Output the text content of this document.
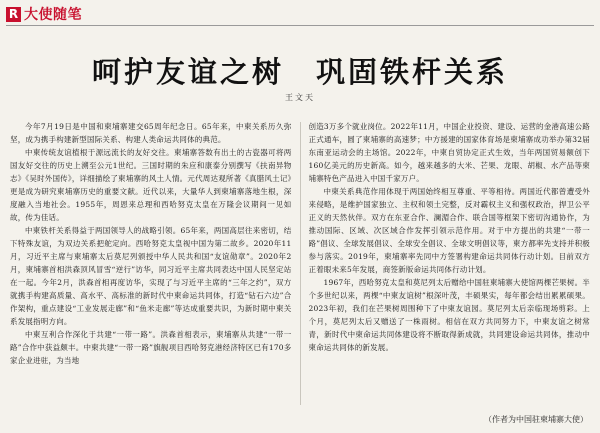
R 大使随笔
呵护友谊之树　巩固铁杆关系
王文天

今年7月19日是中国和柬埔寨建交65周年纪念日。65年来，中柬关系历久弥坚，成为携手构建新型国际关系、构建人类命运共同体的典范。

中柬传统友谊植根于源远流长的友好交往。柬埔寨答数有出土的古瓷器可将两国友好交往的历史上溯至公元1世纪。三国时期的朱应和康泰分别撰写《扶南异物志》《吴时外国传》，详细描绘了柬埔寨的风土人情。元代周达观所著《真腊风土记》更是成为研究柬埔寨历史的重要文献。近代以来，大量华人到柬埔寨落地生根，深度融入当地社会。1955年，周恩来总理和西哈努克太皇在万隆会议期间一见如故，传为佳话。

中柬铁杆关系得益于两国领导人的战略引领。65年来，两国高层往来密切，结下特殊友谊，为双边关系把舵定向。西哈努克太皇视中国为第二故乡。2020年11月，习近平主席与柬埔寨太后莫尼列颁授中华人民共和国“友谊勋章”。2020年2月，柬埔寨首相洪森顶风冒雪“逆行”访华，同习近平主席共同表达中国人民坚定站在一起。今年2月，洪森首相再度访华，实现了与习近平主席的“三年之约”，双方就携手构建高质量、高水平、高标准的新时代中柬命运共同体，打造“钻石六边”合作架构，重点建设“工业发展走廊”和“鱼米走廊”等达成重要共识，为新时期中柬关系发展指明方向。

中柬互利合作深化于共建“一带一路”。洪森首相表示，柬埔寨从共建“一带一路”合作中获益颇丰。中柬共建“一带一路”旗舰项目西哈努克港经济特区已有170多家企业进驻，为当地

创造3万多个就业岗位。2022年11月，中国企业投资、建设、运营的金港高速公路正式通车，圆了柬埔寨的高速梦；中方援建的国家体育场是柬埔寨成功举办第32届东南亚运动会的主场馆。2022年，中柬自贸协定正式生效，当年两国贸易额创下160亿美元的历史新高。如今，越来越多的大米、芒果、龙眼、胡椒、水产品等柬埔寨特色产品进入中国千家万户。

中柬关系典范作用体现于两国始终相互尊重、平等相待。两国近代都曾遭受外来侵略，是维护国家独立、主权和领土完整，反对霸权主义和强权政治，捍卫公平正义的天然伙伴。双方在东亚合作、澜湄合作、联合国等框架下密切沟通协作，为推动国际、区域、次区域合作发挥引领示范作用。对于中方提出的共建“一带一路”倡议、全球发展倡议、全球安全倡议、全球文明倡议等，柬方都率先支持并积极参与落实。2019年，柬埔寨率先同中方签署构建命运共同体行动计划。目前双方正着眼未来5年发展，商签新版命运共同体行动计划。

1967年，西哈努克太皇和莫尼列太后赠给中国驻柬埔寨大使馆两棵芒果树。半个多世纪以来，两棵“中柬友谊树”根深叶茂，丰硕果实，每年都会结出累累硕果。2023年初，我们在芒果树周围种下了中柬友谊园。莫尼列太后亲临现场剪彩。上个月，莫尼列太后又赠送了一株雨树。相信在双方共同努力下，中柬友谊之树常青，新时代中柬命运共同体建设将不断取得新成就，共同建设命运共同体，推动中柬命运共同体的新发展。

（作者为中国驻柬埔寨大使）
